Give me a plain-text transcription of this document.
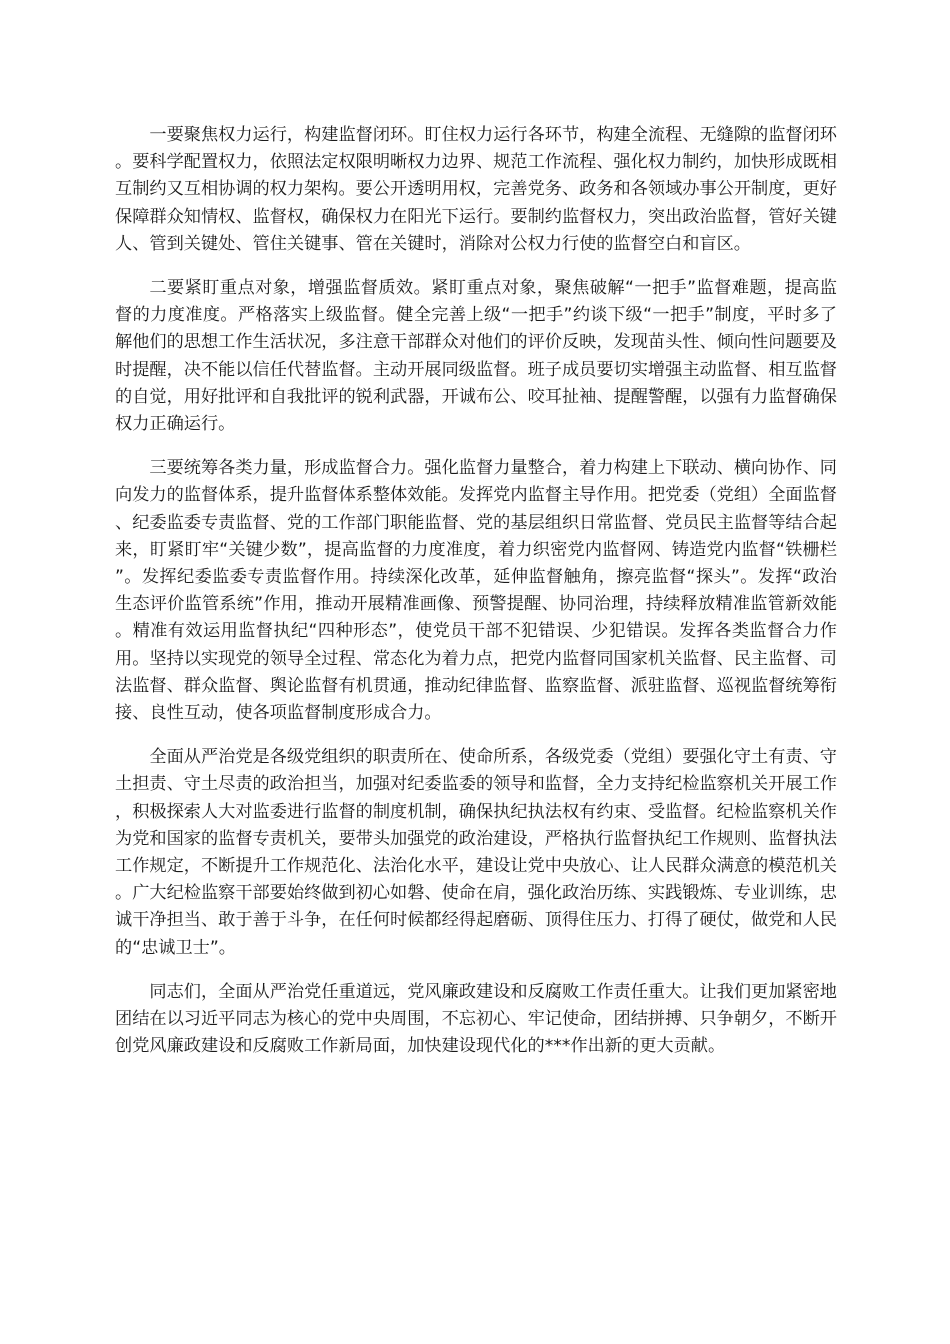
一要聚焦权力运行，构建监督闭环。盯住权力运行各环节，构建全流程、无缝隙的监督闭环。要科学配置权力，依照法定权限明晰权力边界、规范工作流程、强化权力制约，加快形成既相互制约又互相协调的权力架构。要公开透明用权，完善党务、政务和各领域办事公开制度，更好保障群众知情权、监督权，确保权力在阳光下运行。要制约监督权力，突出政治监督，管好关键人、管到关键处、管住关键事、管在关键时，消除对公权力行使的监督空白和盲区。

二要紧盯重点对象，增强监督质效。紧盯重点对象，聚焦破解“一把手”监督难题，提高监督的力度准度。严格落实上级监督。健全完善上级“一把手”约谈下级“一把手”制度，平时多了解他们的思想工作生活状况，多注意干部群众对他们的评价反映，发现苗头性、倾向性问题要及时提醒，决不能以信任代替监督。主动开展同级监督。班子成员要切实增强主动监督、相互监督的自觉，用好批评和自我批评的锐利武器，开诚布公、咬耳扯袖、提醒警醒，以强有力监督确保权力正确运行。

三要统筹各类力量，形成监督合力。强化监督力量整合，着力构建上下联动、横向协作、同向发力的监督体系，提升监督体系整体效能。发挥党内监督主导作用。把党委（党组）全面监督、纪委监委专责监督、党的工作部门职能监督、党的基层组织日常监督、党员民主监督等结合起来，盯紧盯牢“关键少数”，提高监督的力度准度，着力织密党内监督网、铸造党内监督“铁栅栏”。发挥纪委监委专责监督作用。持续深化改革，延伸监督触角，擦亮监督“探头”。发挥“政治生态评价监管系统”作用，推动开展精准画像、预警提醒、协同治理，持续释放精准监管新效能。精准有效运用监督执纪“四种形态”，使党员干部不犯错误、少犯错误。发挥各类监督合力作用。坚持以实现党的领导全过程、常态化为着力点，把党内监督同国家机关监督、民主监督、司法监督、群众监督、舆论监督有机贯通，推动纪律监督、监察监督、派驻监督、巡视监督统筹衔接、良性互动，使各项监督制度形成合力。

全面从严治党是各级党组织的职责所在、使命所系，各级党委（党组）要强化守土有责、守土担责、守土尽责的政治担当，加强对纪委监委的领导和监督，全力支持纪检监察机关开展工作，积极探索人大对监委进行监督的制度机制，确保执纪执法权有约束、受监督。纪检监察机关作为党和国家的监督专责机关，要带头加强党的政治建设，严格执行监督执纪工作规则、监督执法工作规定，不断提升工作规范化、法治化水平，建设让党中央放心、让人民群众满意的模范机关。广大纪检监察干部要始终做到初心如磐、使命在肩，强化政治历练、实践锻炼、专业训练，忠诚干净担当、敢于善于斗争，在任何时候都经得起磨砺、顶得住压力、打得了硬仗，做党和人民的“忠诚卫士”。

同志们，全面从严治党任重道远，党风廉政建设和反腐败工作责任重大。让我们更加紧密地团结在以习近平同志为核心的党中央周围，不忘初心、牢记使命，团结拼搏、只争朝夕，不断开创党风廉政建设和反腐败工作新局面，加快建设现代化的***作出新的更大贡献。
